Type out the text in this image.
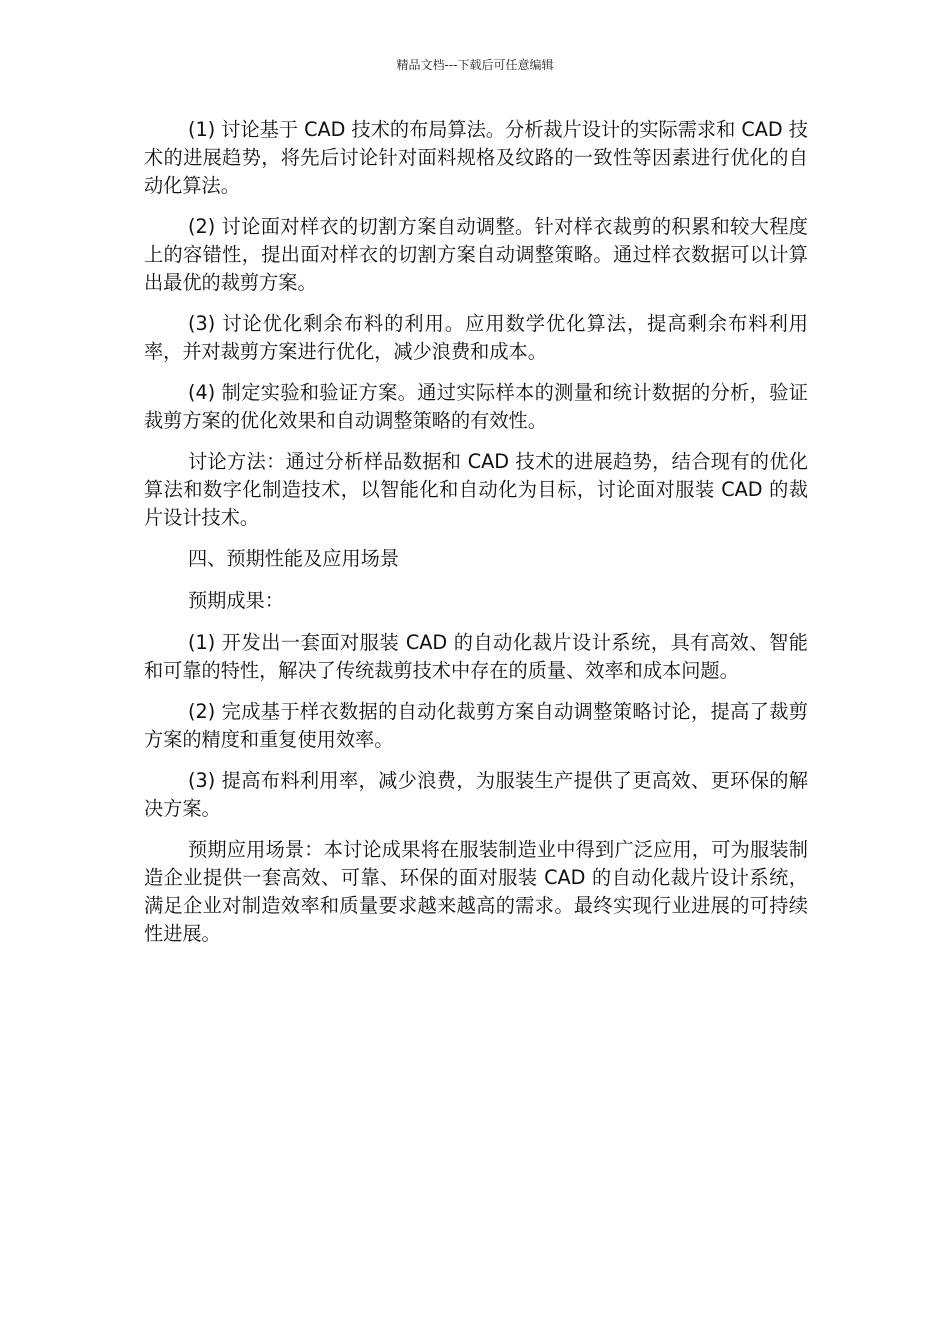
精品文档---下载后可任意编辑

(1) 讨论基于 CAD 技术的布局算法。分析裁片设计的实际需求和 CAD 技术的进展趋势，将先后讨论针对面料规格及纹路的一致性等因素进行优化的自动化算法。

(2) 讨论面对样衣的切割方案自动调整。针对样衣裁剪的积累和较大程度上的容错性，提出面对样衣的切割方案自动调整策略。通过样衣数据可以计算出最优的裁剪方案。

(3) 讨论优化剩余布料的利用。应用数学优化算法，提高剩余布料利用率，并对裁剪方案进行优化，减少浪费和成本。

(4) 制定实验和验证方案。通过实际样本的测量和统计数据的分析，验证裁剪方案的优化效果和自动调整策略的有效性。

讨论方法：通过分析样品数据和 CAD 技术的进展趋势，结合现有的优化算法和数字化制造技术，以智能化和自动化为目标，讨论面对服装 CAD 的裁片设计技术。

四、预期性能及应用场景

预期成果：

(1) 开发出一套面对服装 CAD 的自动化裁片设计系统，具有高效、智能和可靠的特性，解决了传统裁剪技术中存在的质量、效率和成本问题。

(2) 完成基于样衣数据的自动化裁剪方案自动调整策略讨论，提高了裁剪方案的精度和重复使用效率。

(3) 提高布料利用率，减少浪费，为服装生产提供了更高效、更环保的解决方案。

预期应用场景：本讨论成果将在服装制造业中得到广泛应用，可为服装制造企业提供一套高效、可靠、环保的面对服装 CAD 的自动化裁片设计系统，满足企业对制造效率和质量要求越来越高的需求。最终实现行业进展的可持续性进展。
